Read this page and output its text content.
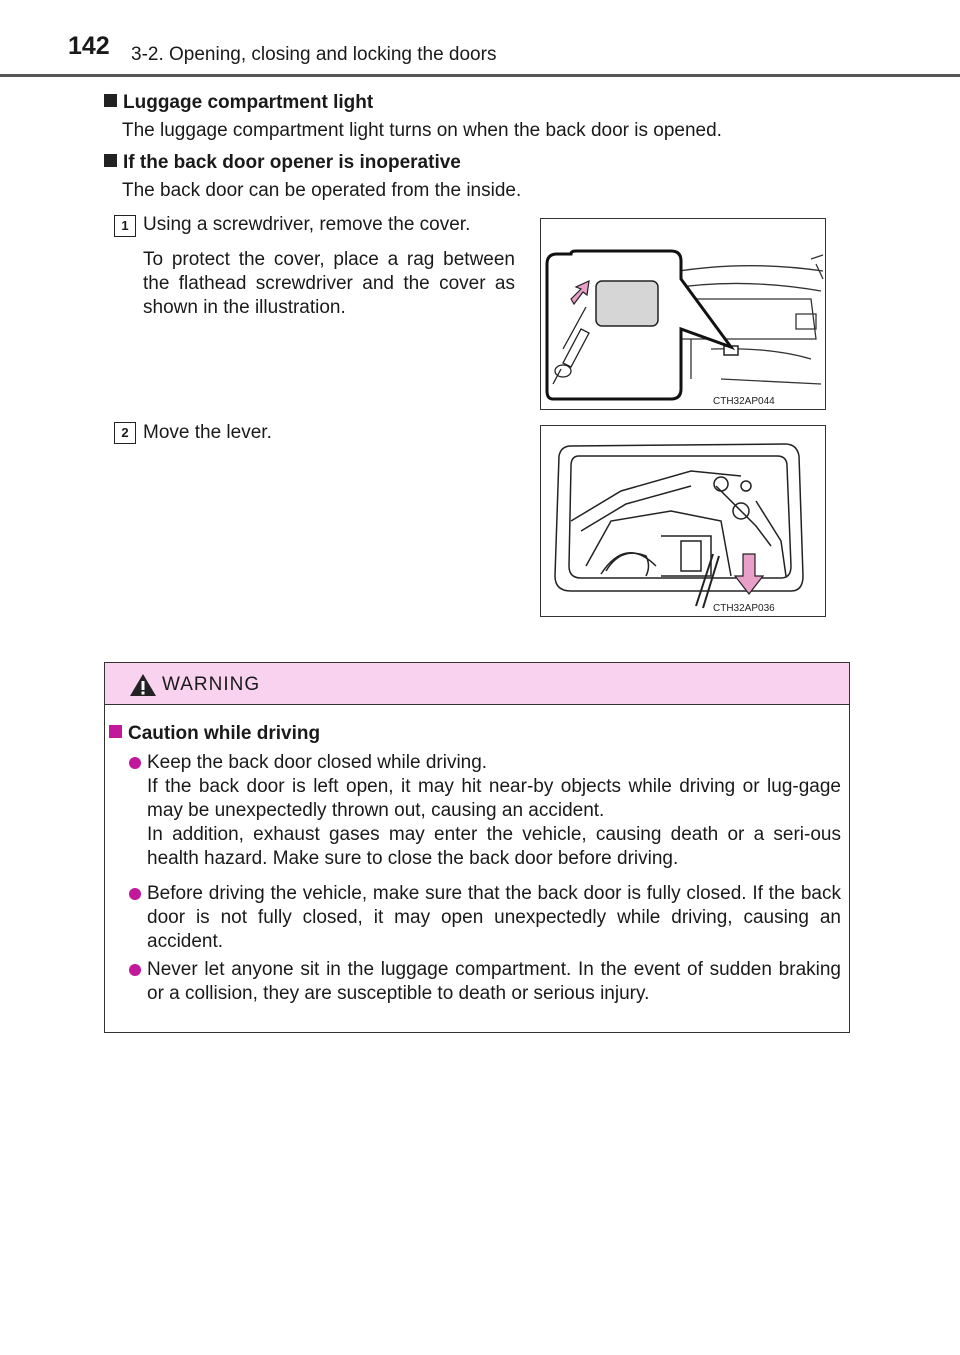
142 3-2. Opening, closing and locking the doors
Luggage compartment light
The luggage compartment light turns on when the back door is opened.
If the back door opener is inoperative
The back door can be operated from the inside.
1 Using a screwdriver, remove the cover.
To protect the cover, place a rag between the flathead screwdriver and the cover as shown in the illustration.
CTH32AP044
2 Move the lever.
CTH32AP036
WARNING
Caution while driving
Keep the back door closed while driving.
If the back door is left open, it may hit near-by objects while driving or lug-gage may be unexpectedly thrown out, causing an accident.
In addition, exhaust gases may enter the vehicle, causing death or a seri-ous health hazard. Make sure to close the back door before driving.
Before driving the vehicle, make sure that the back door is fully closed. If the back door is not fully closed, it may open unexpectedly while driving, causing an accident.
Never let anyone sit in the luggage compartment. In the event of sudden braking or a collision, they are susceptible to death or serious injury.
